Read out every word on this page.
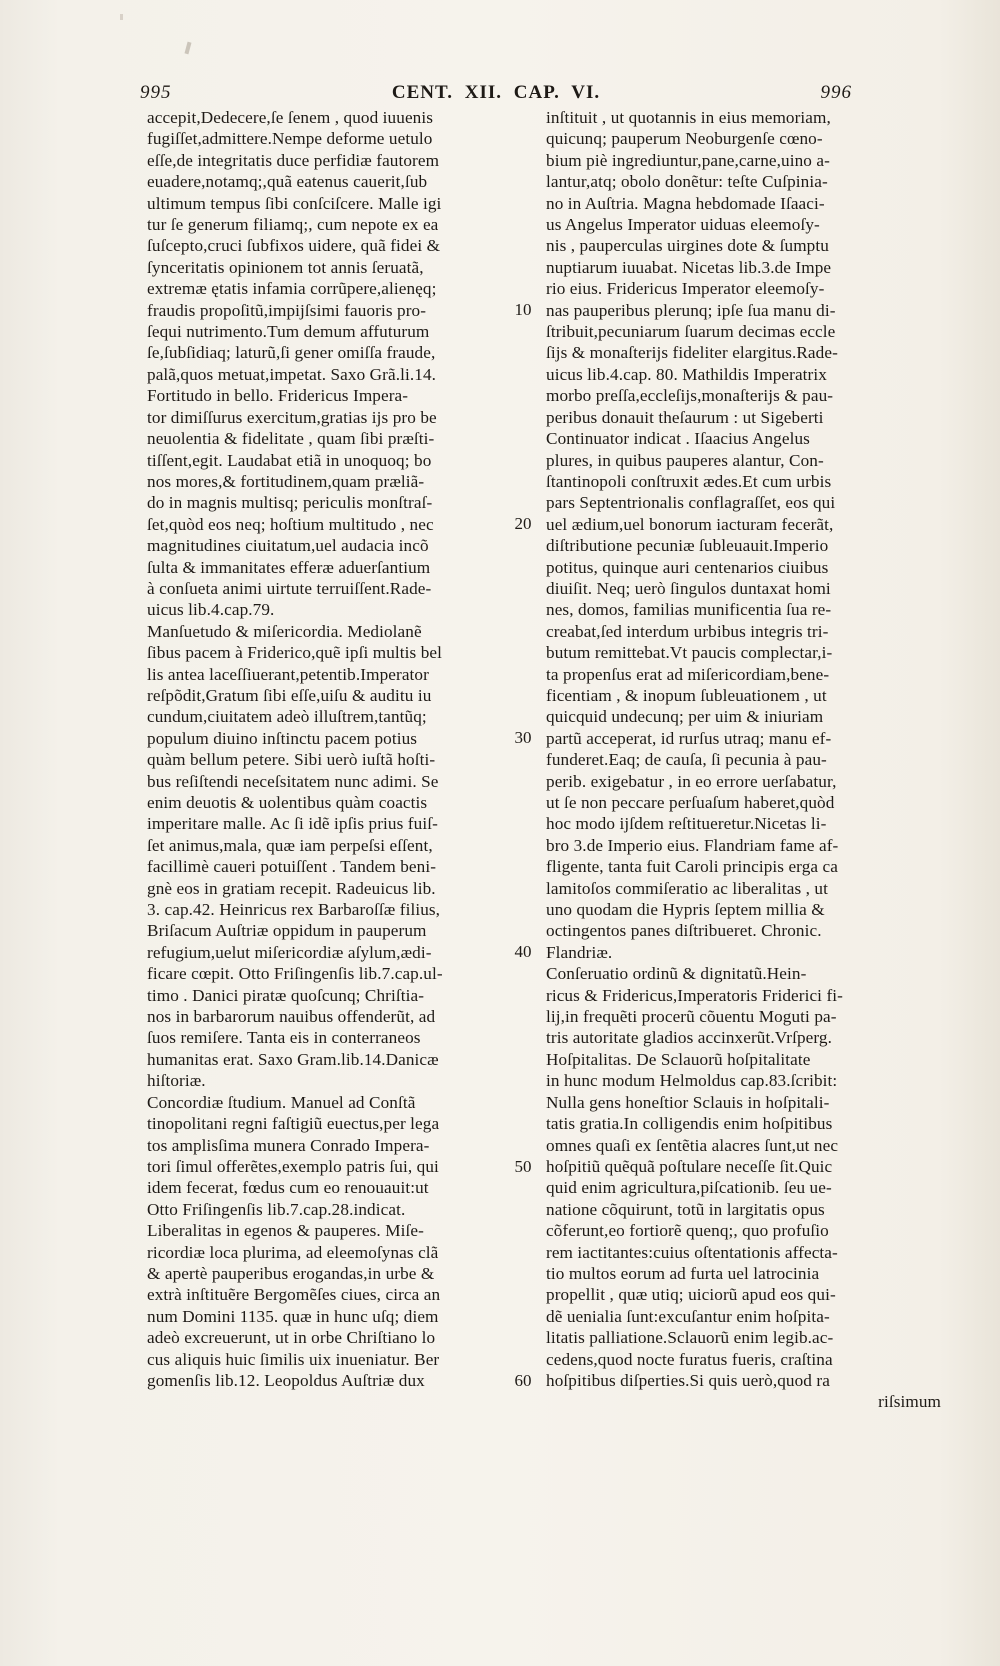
995	CENT. XII. CAP. VI.	996
accepit,Dedecere,ſe ſenem , quod iuuenis
fugiſſet,admittere.Nempe deforme uetulo
eſſe,de integritatis duce perfidiæ fautorem
euadere,notamq;,quã eatenus cauerit,ſub
ultimum tempus ſibi conſciſcere. Malle igi
tur ſe generum filiamq;, cum nepote ex ea
ſuſcepto,cruci ſubfixos uidere, quã fidei &
ſynceritatis opinionem tot annis ſeruatã,
extremæ ętatis infamia corrũpere,alienęq;
fraudis propoſitũ,impijſsimi fauoris pro-
ſequi nutrimento.Tum demum affuturum
ſe,ſubſidiaq; laturũ,ſi gener omiſſa fraude,
palã,quos metuat,impetat. Saxo Grã.li.14.
Fortitudo in bello. Fridericus Impera-
tor dimiſſurus exercitum,gratias ijs pro be
neuolentia & fidelitate , quam ſibi præſti-
tiſſent,egit. Laudabat etiã in unoquoq; bo
nos mores,& fortitudinem,quam præliã-
do in magnis multisq; periculis monſtraſ-
ſet,quòd eos neq; hoſtium multitudo , nec
magnitudines ciuitatum,uel audacia incõ
ſulta & immanitates efferæ aduerſantium
à conſueta animi uirtute terruiſſent.Rade-
uicus lib.4.cap.79.
Manſuetudo & miſericordia. Mediolanẽ
ſibus pacem à Friderico,quẽ ipſi multis bel
lis antea laceſſiuerant,petentib.Imperator
reſpõdit,Gratum ſibi eſſe,uiſu & auditu iu
cundum,ciuitatem adeò illuſtrem,tantũq;
populum diuino inſtinctu pacem potius
quàm bellum petere. Sibi uerò iuſtã hoſti-
bus reſiſtendi neceſsitatem nunc adimi. Se
enim deuotis & uolentibus quàm coactis
imperitare malle. Ac ſi idẽ ipſis prius fuiſ-
ſet animus,mala, quæ iam perpeſsi eſſent,
facillimè caueri potuiſſent . Tandem beni-
gnè eos in gratiam recepit. Radeuicus lib.
3. cap.42. Heinricus rex Barbaroſſæ filius,
Briſacum Auſtriæ oppidum in pauperum
refugium,uelut miſericordiæ aſylum,ædi-
ficare cœpit. Otto Friſingenſis lib.7.cap.ul-
timo . Danici piratæ quoſcunq; Chriſtia-
nos in barbarorum nauibus offenderũt, ad
ſuos remiſere. Tanta eis in conterraneos
humanitas erat. Saxo Gram.lib.14.Danicæ
hiſtoriæ.
Concordiæ ſtudium. Manuel ad Conſtã
tinopolitani regni faſtigiũ euectus,per lega
tos amplisſima munera Conrado Impera-
tori ſimul offerẽtes,exemplo patris ſui, qui
idem fecerat, fœdus cum eo renouauit:ut
Otto Friſingenſis lib.7.cap.28.indicat.
Liberalitas in egenos & pauperes. Miſe-
ricordiæ loca plurima, ad eleemoſynas clã
& apertè pauperibus erogandas,in urbe &
extrà inſtituẽre Bergomẽſes ciues, circa an
num Domini 1135. quæ in hunc uſq; diem
adeò excreuerunt, ut in orbe Chriſtiano lo
cus aliquis huic ſimilis uix inueniatur. Ber
gomenſis lib.12. Leopoldus Auſtriæ dux
10
20
30
40
50
60
inſtituit , ut quotannis in eius memoriam,
quicunq; pauperum Neoburgenſe cœno-
bium piè ingrediuntur,pane,carne,uino a-
lantur,atq; obolo donẽtur: teſte Cuſpinia-
no in Auſtria. Magna hebdomade Iſaaci-
us Angelus Imperator uiduas eleemoſy-
nis , pauperculas uirgines dote & ſumptu
nuptiarum iuuabat. Nicetas lib.3.de Impe
rio eius. Fridericus Imperator eleemoſy-
nas pauperibus plerunq; ipſe ſua manu di-
ſtribuit,pecuniarum ſuarum decimas eccle
ſijs & monaſterijs fideliter elargitus.Rade-
uicus lib.4.cap. 80. Mathildis Imperatrix
morbo preſſa,eccleſijs,monaſterijs & pau-
peribus donauit theſaurum : ut Sigeberti
Continuator indicat . Iſaacius Angelus
plures, in quibus pauperes alantur, Con-
ſtantinopoli conſtruxit ædes.Et cum urbis
pars Septentrionalis conflagraſſet, eos qui
uel ædium,uel bonorum iacturam fecerãt,
diſtributione pecuniæ ſubleuauit.Imperio
potitus, quinque auri centenarios ciuibus
diuiſit. Neq; uerò ſingulos duntaxat homi
nes, domos, familias munificentia ſua re-
creabat,ſed interdum urbibus integris tri-
butum remittebat.Vt paucis complectar,i-
ta propenſus erat ad miſericordiam,bene-
ficentiam , & inopum ſubleuationem , ut
quicquid undecunq; per uim & iniuriam
partũ acceperat, id rurſus utraq; manu ef-
funderet.Eaq; de cauſa, ſi pecunia à pau-
perib. exigebatur , in eo errore uerſabatur,
ut ſe non peccare perſuaſum haberet,quòd
hoc modo ijſdem reſtitueretur.Nicetas li-
bro 3.de Imperio eius. Flandriam fame af-
fligente, tanta fuit Caroli principis erga ca
lamitoſos commiſeratio ac liberalitas , ut
uno quodam die Hypris ſeptem millia &
octingentos panes diſtribueret. Chronic.
Flandriæ.
Conſeruatio ordinũ & dignitatũ.Hein-
ricus & Fridericus,Imperatoris Friderici fi-
lij,in frequẽti procerũ cõuentu Moguti pa-
tris autoritate gladios accinxerũt.Vrſperg.
Hoſpitalitas. De Sclauorũ hoſpitalitate
in hunc modum Helmoldus cap.83.ſcribit:
Nulla gens honeſtior Sclauis in hoſpitali-
tatis gratia.In colligendis enim hoſpitibus
omnes quaſi ex ſentẽtia alacres ſunt,ut nec
hoſpitiũ quẽquã poſtulare neceſſe ſit.Quic
quid enim agricultura,piſcationib. ſeu ue-
natione cõquirunt, totũ in largitatis opus
cõferunt,eo fortiorẽ quenq;, quo profuſio
rem iactitantes:cuius oſtentationis affecta-
tio multos eorum ad furta uel latrocinia
propellit , quæ utiq; uiciorũ apud eos qui-
dẽ uenialia ſunt:excuſantur enim hoſpita-
litatis palliatione.Sclauorũ enim legib.ac-
cedens,quod nocte furatus fueris, craſtina
hoſpitibus diſperties.Si quis uerò,quod ra
riſsimum
